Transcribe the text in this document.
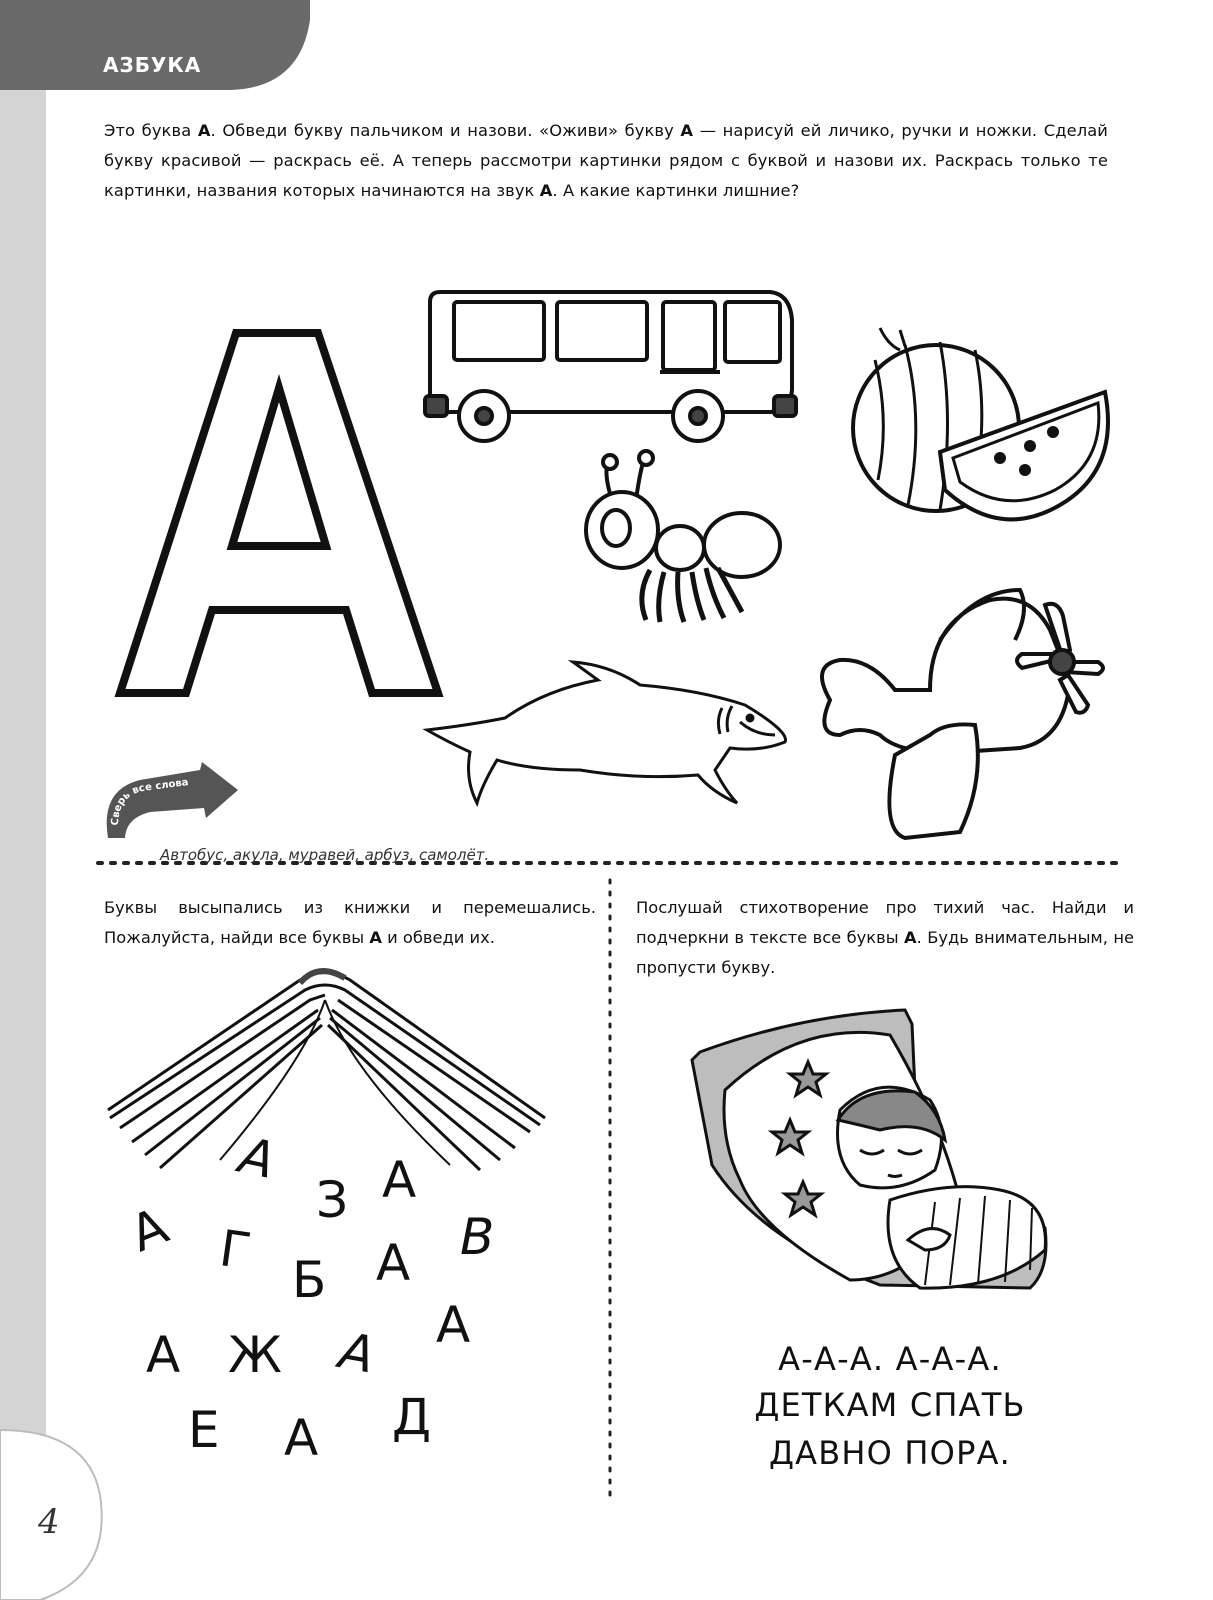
Сверь все слова
АЗБУКА

Это буква А. Обведи букву пальчиком и назови. «Оживи» букву А — нарисуй ей личико, ручки и ножки. Сделай букву красивой — раскрась её. А теперь рассмотри картинки рядом с буквой и назови их. Раскрась только те картинки, названия которых начинаются на звук А. А какие картинки лишние?

Автобус, акула, муравей, арбуз, самолёт.

Буквы высыпались из книжки и перемешались. Пожалуйста, найди все буквы А и обведи их.

Послушай стихотворение про тихий час. Найди и подчеркни в тексте все буквы А. Будь внимательным, не пропусти букву.

А
А	З А
Г	В
Б А
А
А Ж А
Е А Д
А-А-А. А-А-А.
ДЕТКАМ СПАТЬ
ДАВНО ПОРА.
4
